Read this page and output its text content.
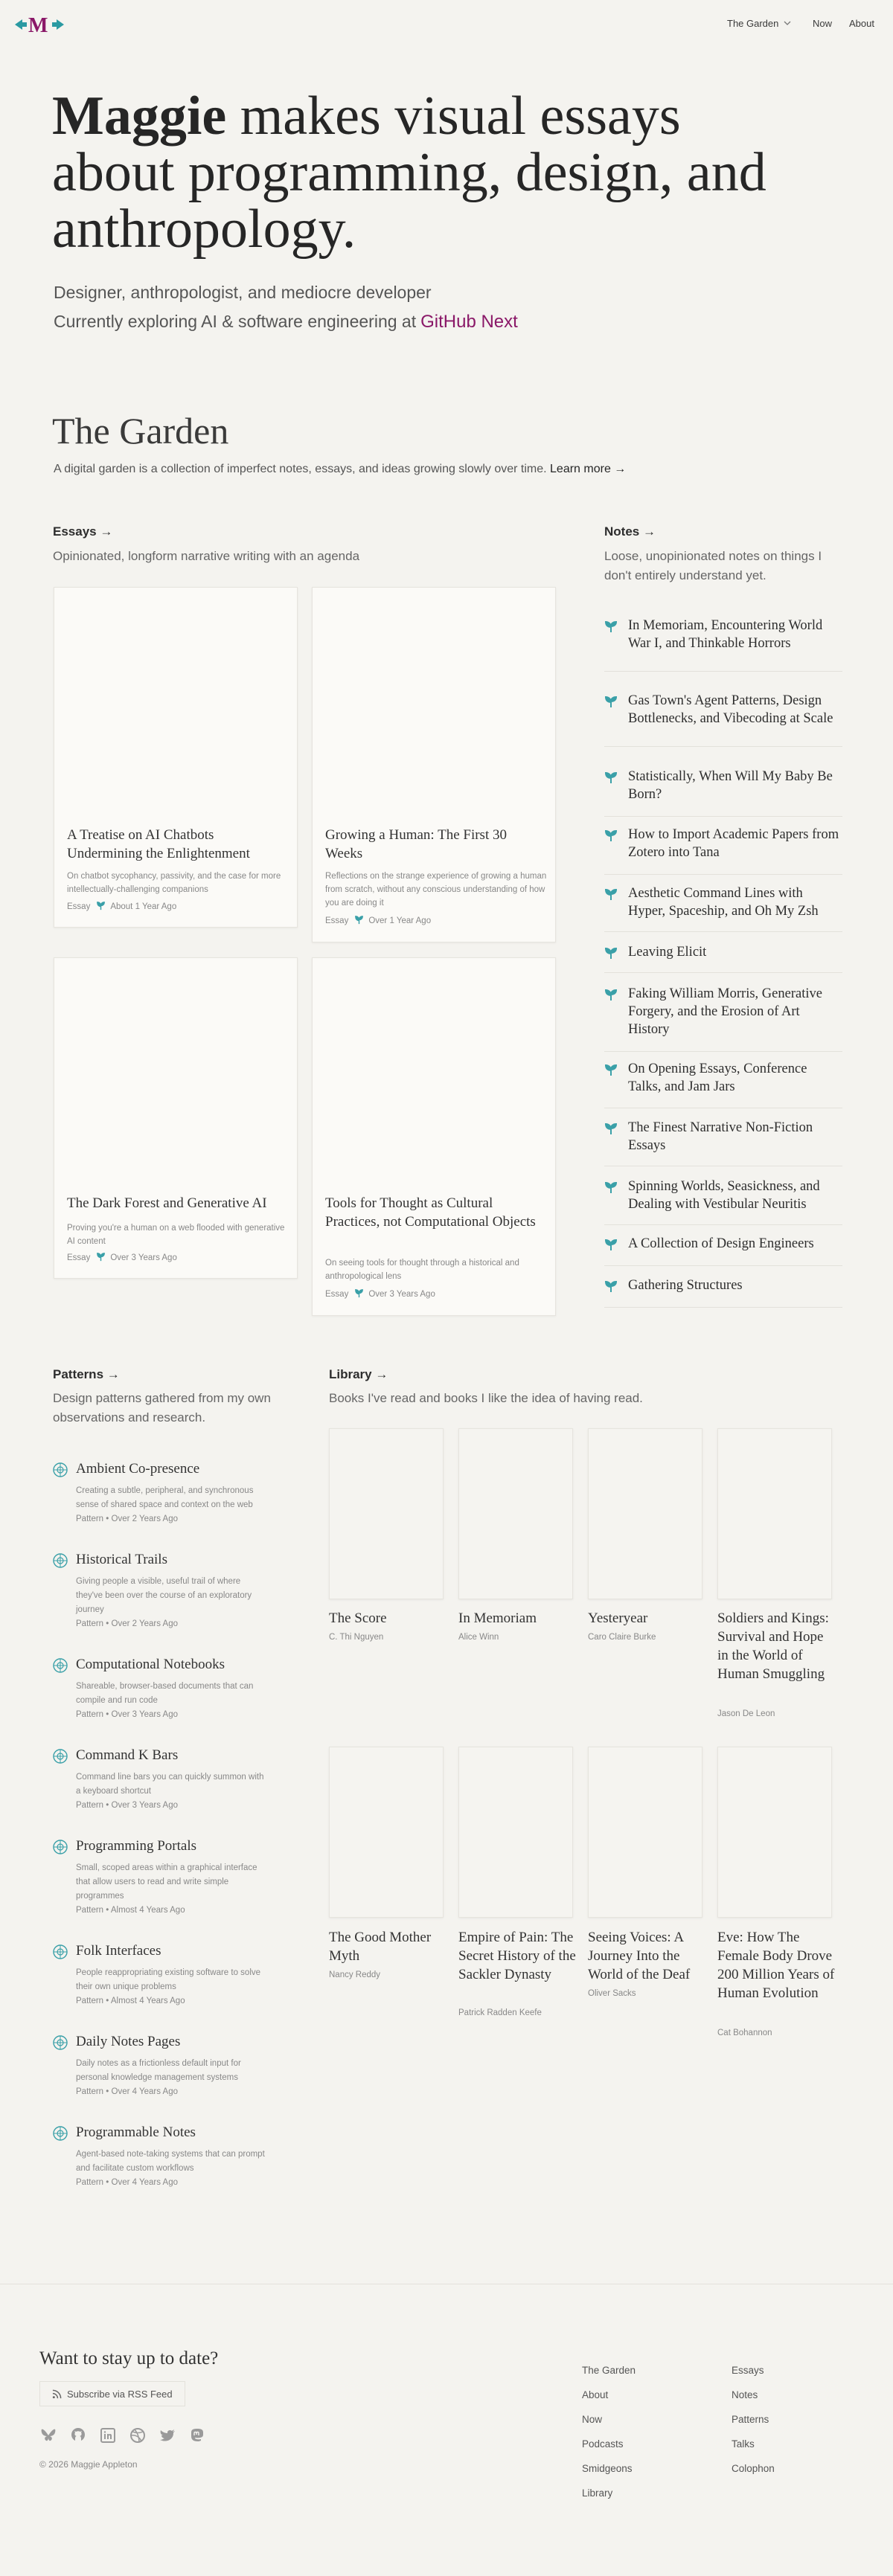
M	The Garden	Now About
Maggie makes visual essays
about programming, design, and
anthropology.
Designer, anthropologist, and mediocre developer
Currently exploring AI & software engineering at GitHub Next
The Garden
A digital garden is a collection of imperfect notes, essays, and ideas growing slowly over time. Learn more →
Essays →
Opinionated, longform narrative writing with an agenda
A Treatise on AI Chatbots Undermining the Enlightenment
On chatbot sycophancy, passivity, and the case for more intellectually-challenging companions
Essay About 1 Year Ago
Growing a Human: The First 30 Weeks
Reflections on the strange experience of growing a human from scratch, without any conscious understanding of how you are doing it
Essay Over 1 Year Ago
The Dark Forest and Generative AI
Proving you're a human on a web flooded with generative AI content
Essay Over 3 Years Ago
Tools for Thought as Cultural Practices, not Computational Objects
On seeing tools for thought through a historical and anthropological lens
Essay Over 3 Years Ago
Notes →
Loose, unopinionated notes on things I don't entirely understand yet.
In Memoriam, Encountering World War I, and Thinkable Horrors
Gas Town's Agent Patterns, Design Bottlenecks, and Vibecoding at Scale
Statistically, When Will My Baby Be Born?
How to Import Academic Papers from Zotero into Tana
Aesthetic Command Lines with Hyper, Spaceship, and Oh My Zsh
Leaving Elicit
Faking William Morris, Generative Forgery, and the Erosion of Art History
On Opening Essays, Conference Talks, and Jam Jars
The Finest Narrative Non-Fiction Essays
Spinning Worlds, Seasickness, and Dealing with Vestibular Neuritis
A Collection of Design Engineers
Gathering Structures
Patterns →
Design patterns gathered from my own observations and research.
Ambient Co-presence
Creating a subtle, peripheral, and synchronous sense of shared space and context on the web
Pattern • Over 2 Years Ago
Historical Trails
Giving people a visible, useful trail of where they've been over the course of an exploratory journey
Pattern • Over 2 Years Ago
Computational Notebooks
Shareable, browser-based documents that can compile and run code
Pattern • Over 3 Years Ago
Command K Bars
Command line bars you can quickly summon with a keyboard shortcut
Pattern • Over 3 Years Ago
Programming Portals
Small, scoped areas within a graphical interface that allow users to read and write simple programmes
Pattern • Almost 4 Years Ago
Folk Interfaces
People reappropriating existing software to solve their own unique problems
Pattern • Almost 4 Years Ago
Daily Notes Pages
Daily notes as a frictionless default input for personal knowledge management systems
Pattern • Over 4 Years Ago
Programmable Notes
Agent-based note-taking systems that can prompt and facilitate custom workflows
Pattern • Over 4 Years Ago
Library →
Books I've read and books I like the idea of having read.
The Score
C. Thi Nguyen
In Memoriam
Alice Winn
Yesteryear
Caro Claire Burke
Soldiers and Kings: Survival and Hope in the World of Human Smuggling
Jason De Leon
The Good Mother Myth
Nancy Reddy
Empire of Pain: The Secret History of the Sackler Dynasty
Patrick Radden Keefe
Seeing Voices: A Journey Into the World of the Deaf
Oliver Sacks
Eve: How The Female Body Drove 200 Million Years of Human Evolution
Cat Bohannon
Want to stay up to date?
Subscribe via RSS Feed
© 2026 Maggie Appleton
The Garden
About
Now
Podcasts
Smidgeons
Library
Essays
Notes
Patterns
Talks
Colophon
